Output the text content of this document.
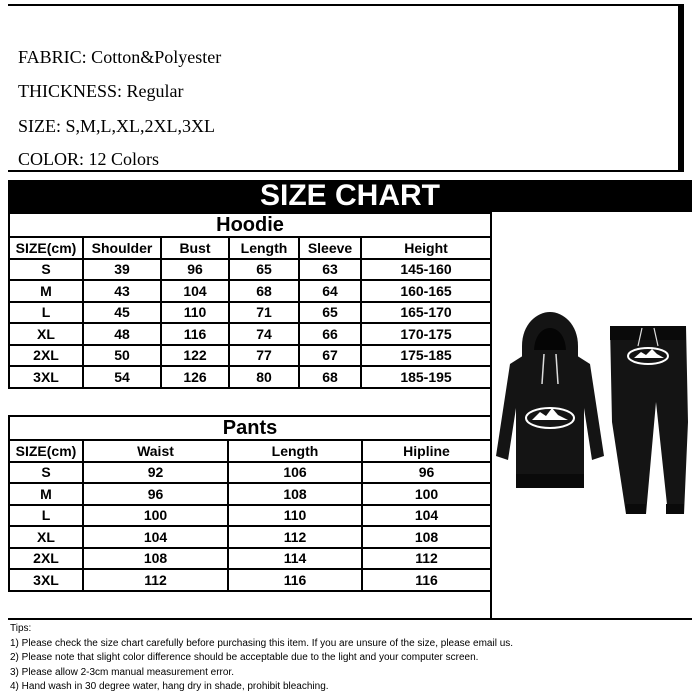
FABRIC: Cotton&Polyester
THICKNESS: Regular
SIZE: S,M,L,XL,2XL,3XL
COLOR: 12 Colors
SIZE CHART
Hoodie					
SIZE(cm)	Shoulder	Bust	Length	Sleeve	Height
S	39	96	65	63	145-160
M	43	104	68	64	160-165
L	45	110	71	65	165-170
XL	48	116	74	66	170-175
2XL	50	122	77	67	175-185
3XL	54	126	80	68	185-195
Pants			
SIZE(cm)	Waist	Length	Hipline
S	92	106	96
M	96	108	100
L	100	110	104
XL	104	112	108
2XL	108	114	112
3XL	112	116	116
Tips:
1) Please check the size chart carefully before purchasing this item. If you are unsure of the size, please email us.
2) Please note that slight color difference should be acceptable due to the light and your computer screen.
3) Please allow 2-3cm manual measurement error.
4) Hand wash in 30 degree water, hang dry in shade, prohibit bleaching.
